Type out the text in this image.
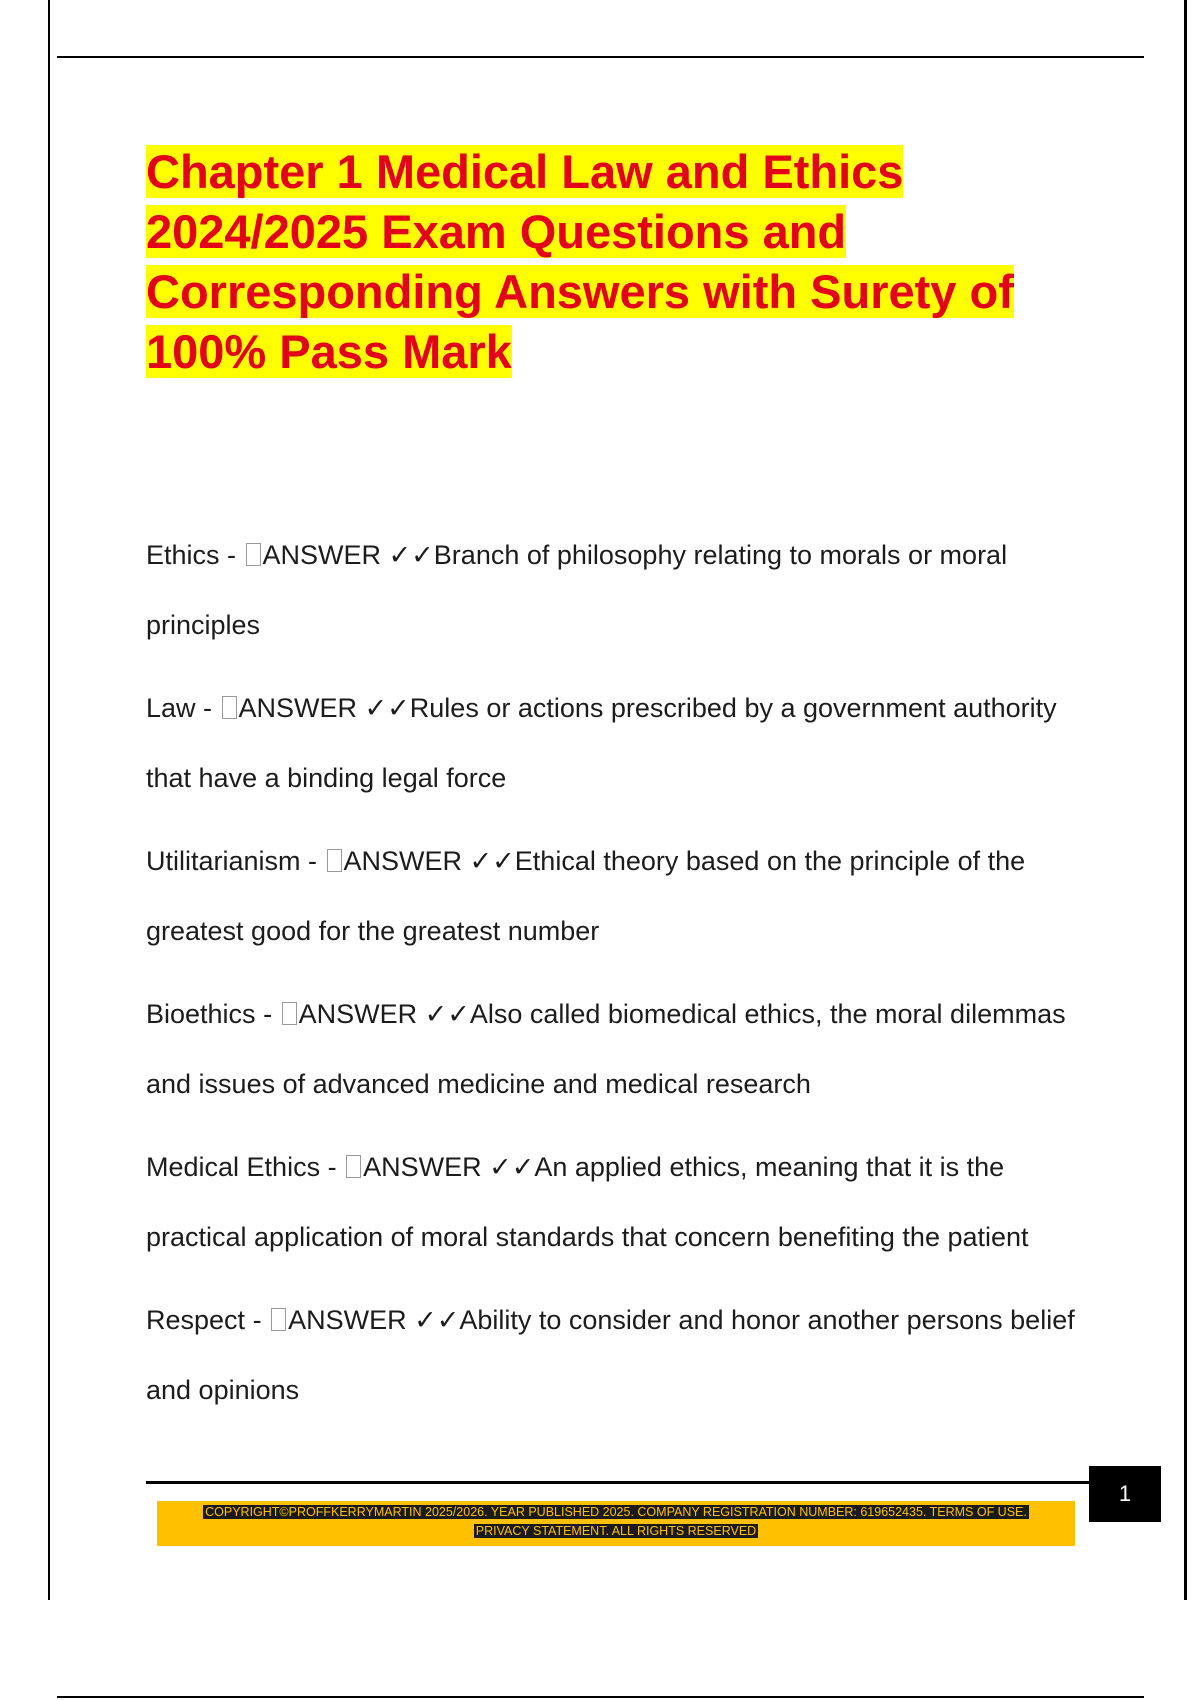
Chapter 1 Medical Law and Ethics
2024/2025 Exam Questions and
Corresponding Answers with Surety of
100% Pass Mark

Ethics - ANSWER ✓✓Branch of philosophy relating to morals or moral principles

Law - ANSWER ✓✓Rules or actions prescribed by a government authority that have a binding legal force

Utilitarianism - ANSWER ✓✓Ethical theory based on the principle of the greatest good for the greatest number

Bioethics - ANSWER ✓✓Also called biomedical ethics, the moral dilemmas and issues of advanced medicine and medical research

Medical Ethics - ANSWER ✓✓An applied ethics, meaning that it is the practical application of moral standards that concern benefiting the patient

Respect - ANSWER ✓✓Ability to consider and honor another persons belief and opinions

1
COPYRIGHT©PROFFKERRYMARTIN 2025/2026. YEAR PUBLISHED 2025. COMPANY REGISTRATION NUMBER: 619652435. TERMS OF USE.
PRIVACY STATEMENT. ALL RIGHTS RESERVED
